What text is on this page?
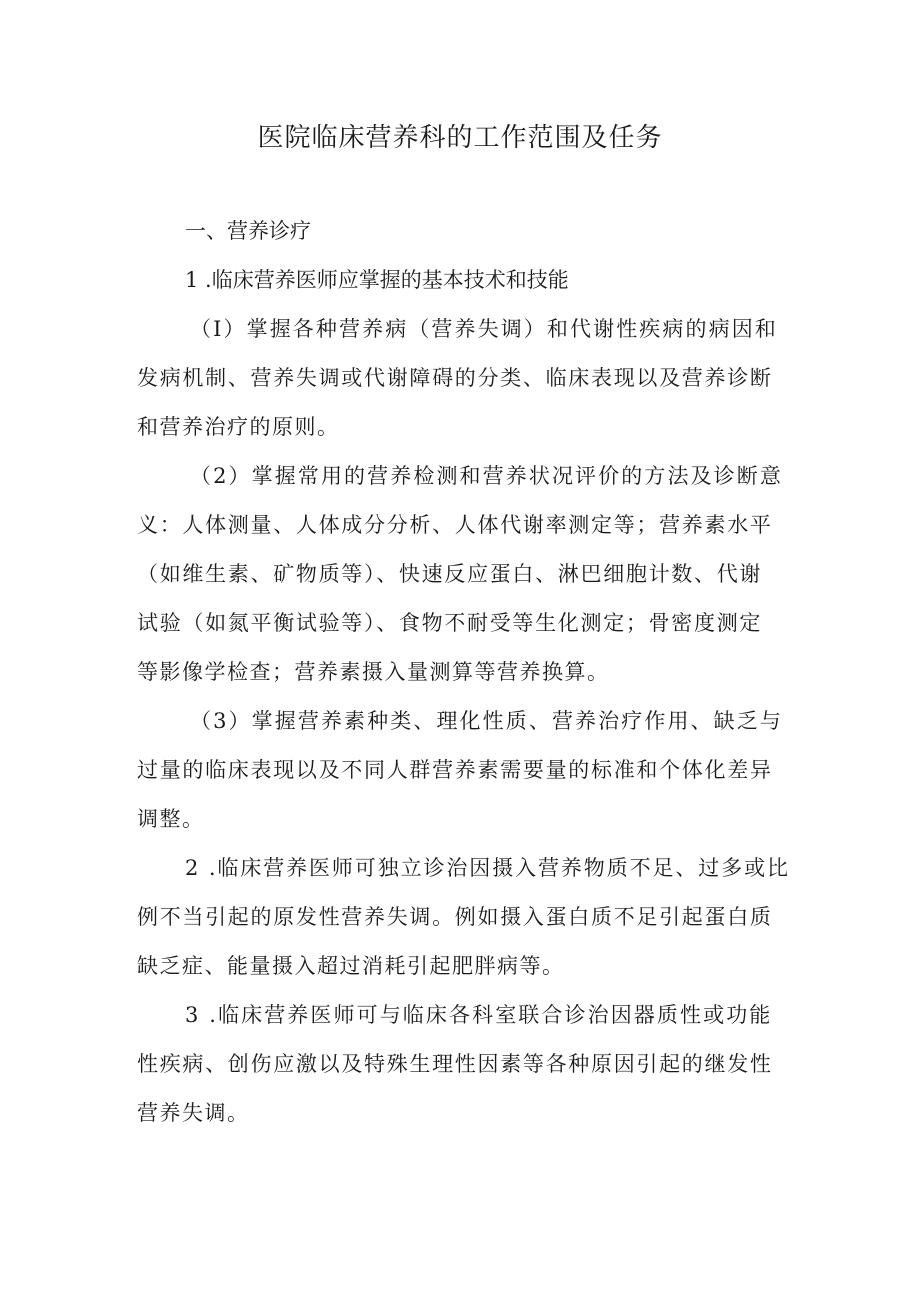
医院临床营养科的工作范围及任务
一、营养诊疗
1 .临床营养医师应掌握的基本技术和技能
（I）掌握各种营养病（营养失调）和代谢性疾病的病因和
发病机制、营养失调或代谢障碍的分类、临床表现以及营养诊断
和营养治疗的原则。
（2）掌握常用的营养检测和营养状况评价的方法及诊断意
义：人体测量、人体成分分析、人体代谢率测定等；营养素水平
（如维生素、矿物质等）、快速反应蛋白、淋巴细胞计数、代谢
试验（如氮平衡试验等）、食物不耐受等生化测定；骨密度测定
等影像学检查；营养素摄入量测算等营养换算。
（3）掌握营养素种类、理化性质、营养治疗作用、缺乏与
过量的临床表现以及不同人群营养素需要量的标准和个体化差异
调整。
2 .临床营养医师可独立诊治因摄入营养物质不足、过多或比
例不当引起的原发性营养失调。例如摄入蛋白质不足引起蛋白质
缺乏症、能量摄入超过消耗引起肥胖病等。
3 .临床营养医师可与临床各科室联合诊治因器质性或功能
性疾病、创伤应激以及特殊生理性因素等各种原因引起的继发性
营养失调。
